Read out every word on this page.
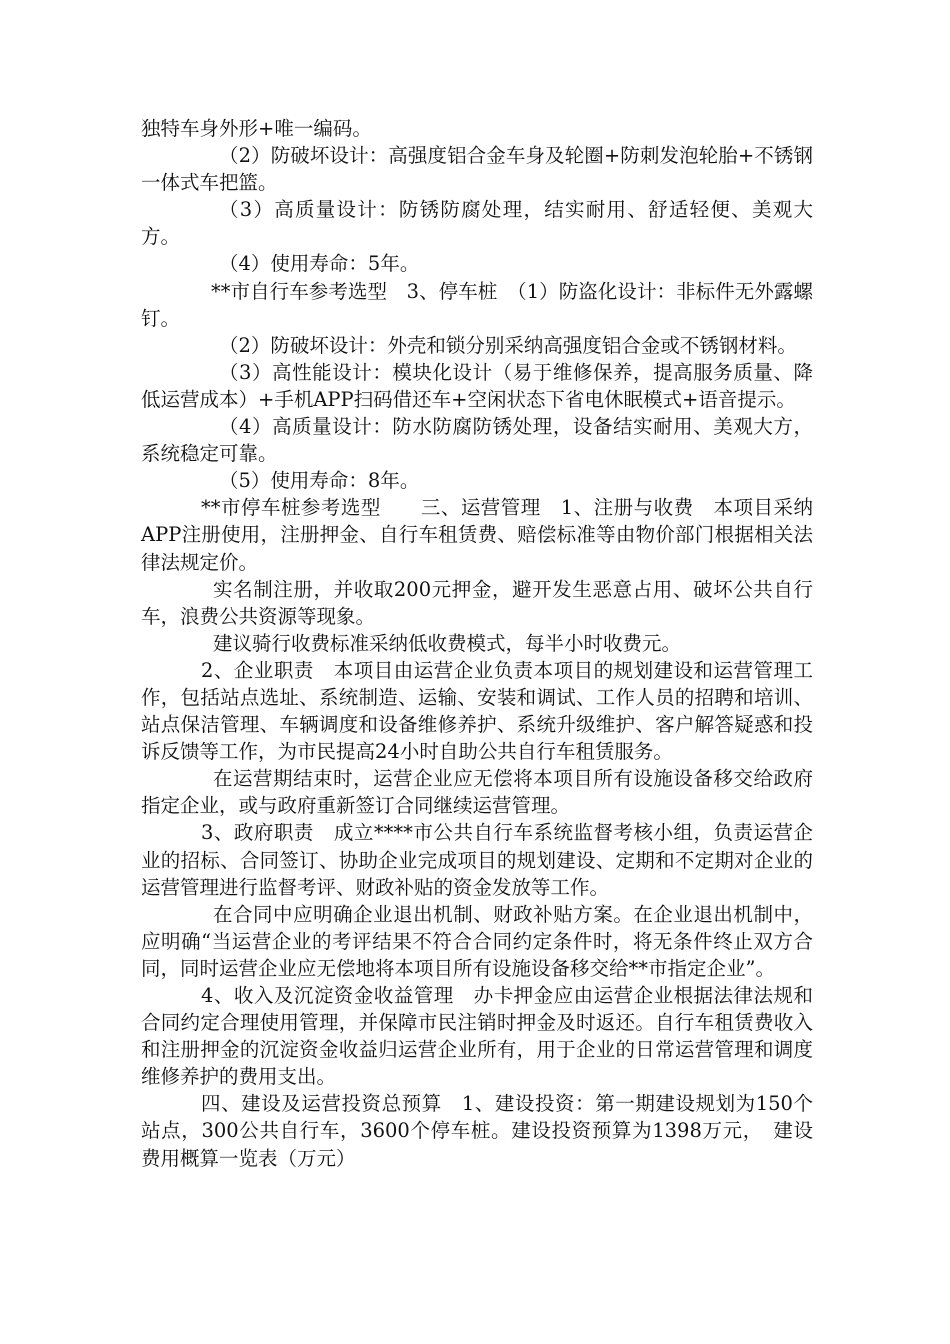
独特车身外形+唯一编码。

（2）防破坏设计：高强度铝合金车身及轮圈+防刺发泡轮胎+不锈钢一体式车把篮。

（3）高质量设计：防锈防腐处理，结实耐用、舒适轻便、美观大方。

（4）使用寿命：5年。

**市自行车参考选型　3、停车桩　（1）防盗化设计：非标件无外露螺钉。

（2）防破坏设计：外壳和锁分别采纳高强度铝合金或不锈钢材料。

（3）高性能设计：模块化设计（易于维修保养，提高服务质量、降低运营成本）+手机APP扫码借还车+空闲状态下省电休眠模式+语音提示。

（4）高质量设计：防水防腐防锈处理，设备结实耐用、美观大方，系统稳定可靠。

（5）使用寿命：8年。

**市停车桩参考选型　　三、运营管理　1、注册与收费　本项目采纳APP注册使用，注册押金、自行车租赁费、赔偿标准等由物价部门根据相关法律法规定价。

实名制注册，并收取200元押金，避开发生恶意占用、破坏公共自行车，浪费公共资源等现象。

建议骑行收费标准采纳低收费模式，每半小时收费元。

2、企业职责　本项目由运营企业负责本项目的规划建设和运营管理工作，包括站点选址、系统制造、运输、安装和调试、工作人员的招聘和培训、站点保洁管理、车辆调度和设备维修养护、系统升级维护、客户解答疑惑和投诉反馈等工作，为市民提高24小时自助公共自行车租赁服务。

在运营期结束时，运营企业应无偿将本项目所有设施设备移交给政府指定企业，或与政府重新签订合同继续运营管理。

3、政府职责　成立****市公共自行车系统监督考核小组，负责运营企业的招标、合同签订、协助企业完成项目的规划建设、定期和不定期对企业的运营管理进行监督考评、财政补贴的资金发放等工作。

在合同中应明确企业退出机制、财政补贴方案。在企业退出机制中，应明确“当运营企业的考评结果不符合合同约定条件时，将无条件终止双方合同，同时运营企业应无偿地将本项目所有设施设备移交给**市指定企业”。

4、收入及沉淀资金收益管理　办卡押金应由运营企业根据法律法规和合同约定合理使用管理，并保障市民注销时押金及时返还。自行车租赁费收入和注册押金的沉淀资金收益归运营企业所有，用于企业的日常运营管理和调度维修养护的费用支出。

四、建设及运营投资总预算　1、建设投资：第一期建设规划为150个站点，300公共自行车，3600个停车桩。建设投资预算为1398万元，　建设费用概算一览表（万元）
